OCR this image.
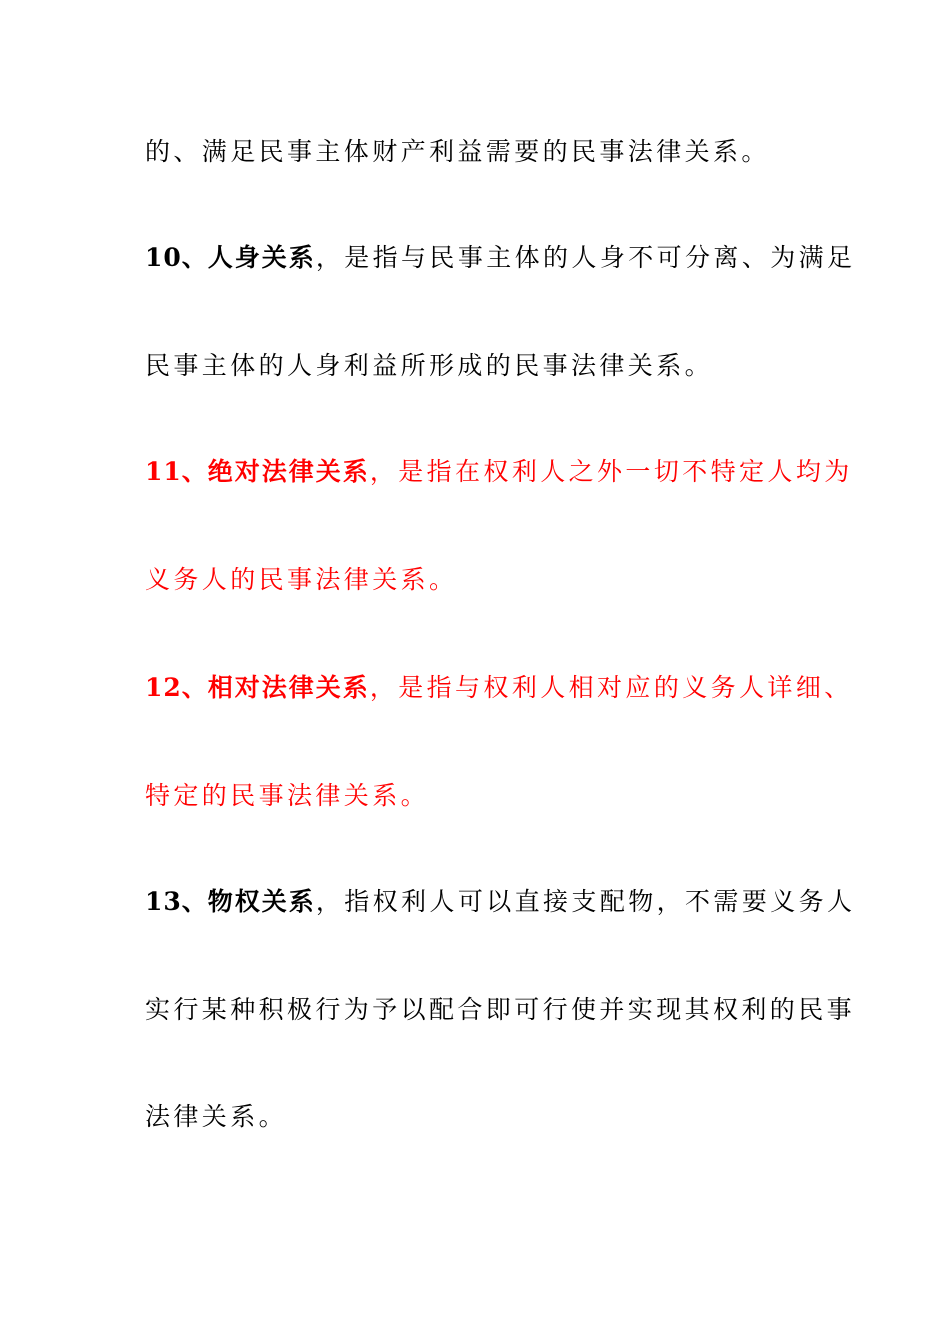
的、满足民事主体财产利益需要的民事法律关系。
10、人身关系，是指与民事主体的人身不可分离、为满足
民事主体的人身利益所形成的民事法律关系。
11、绝对法律关系，是指在权利人之外一切不特定人均为
义务人的民事法律关系。
12、相对法律关系，是指与权利人相对应的义务人详细、
特定的民事法律关系。
13、物权关系，指权利人可以直接支配物，不需要义务人
实行某种积极行为予以配合即可行使并实现其权利的民事
法律关系。
